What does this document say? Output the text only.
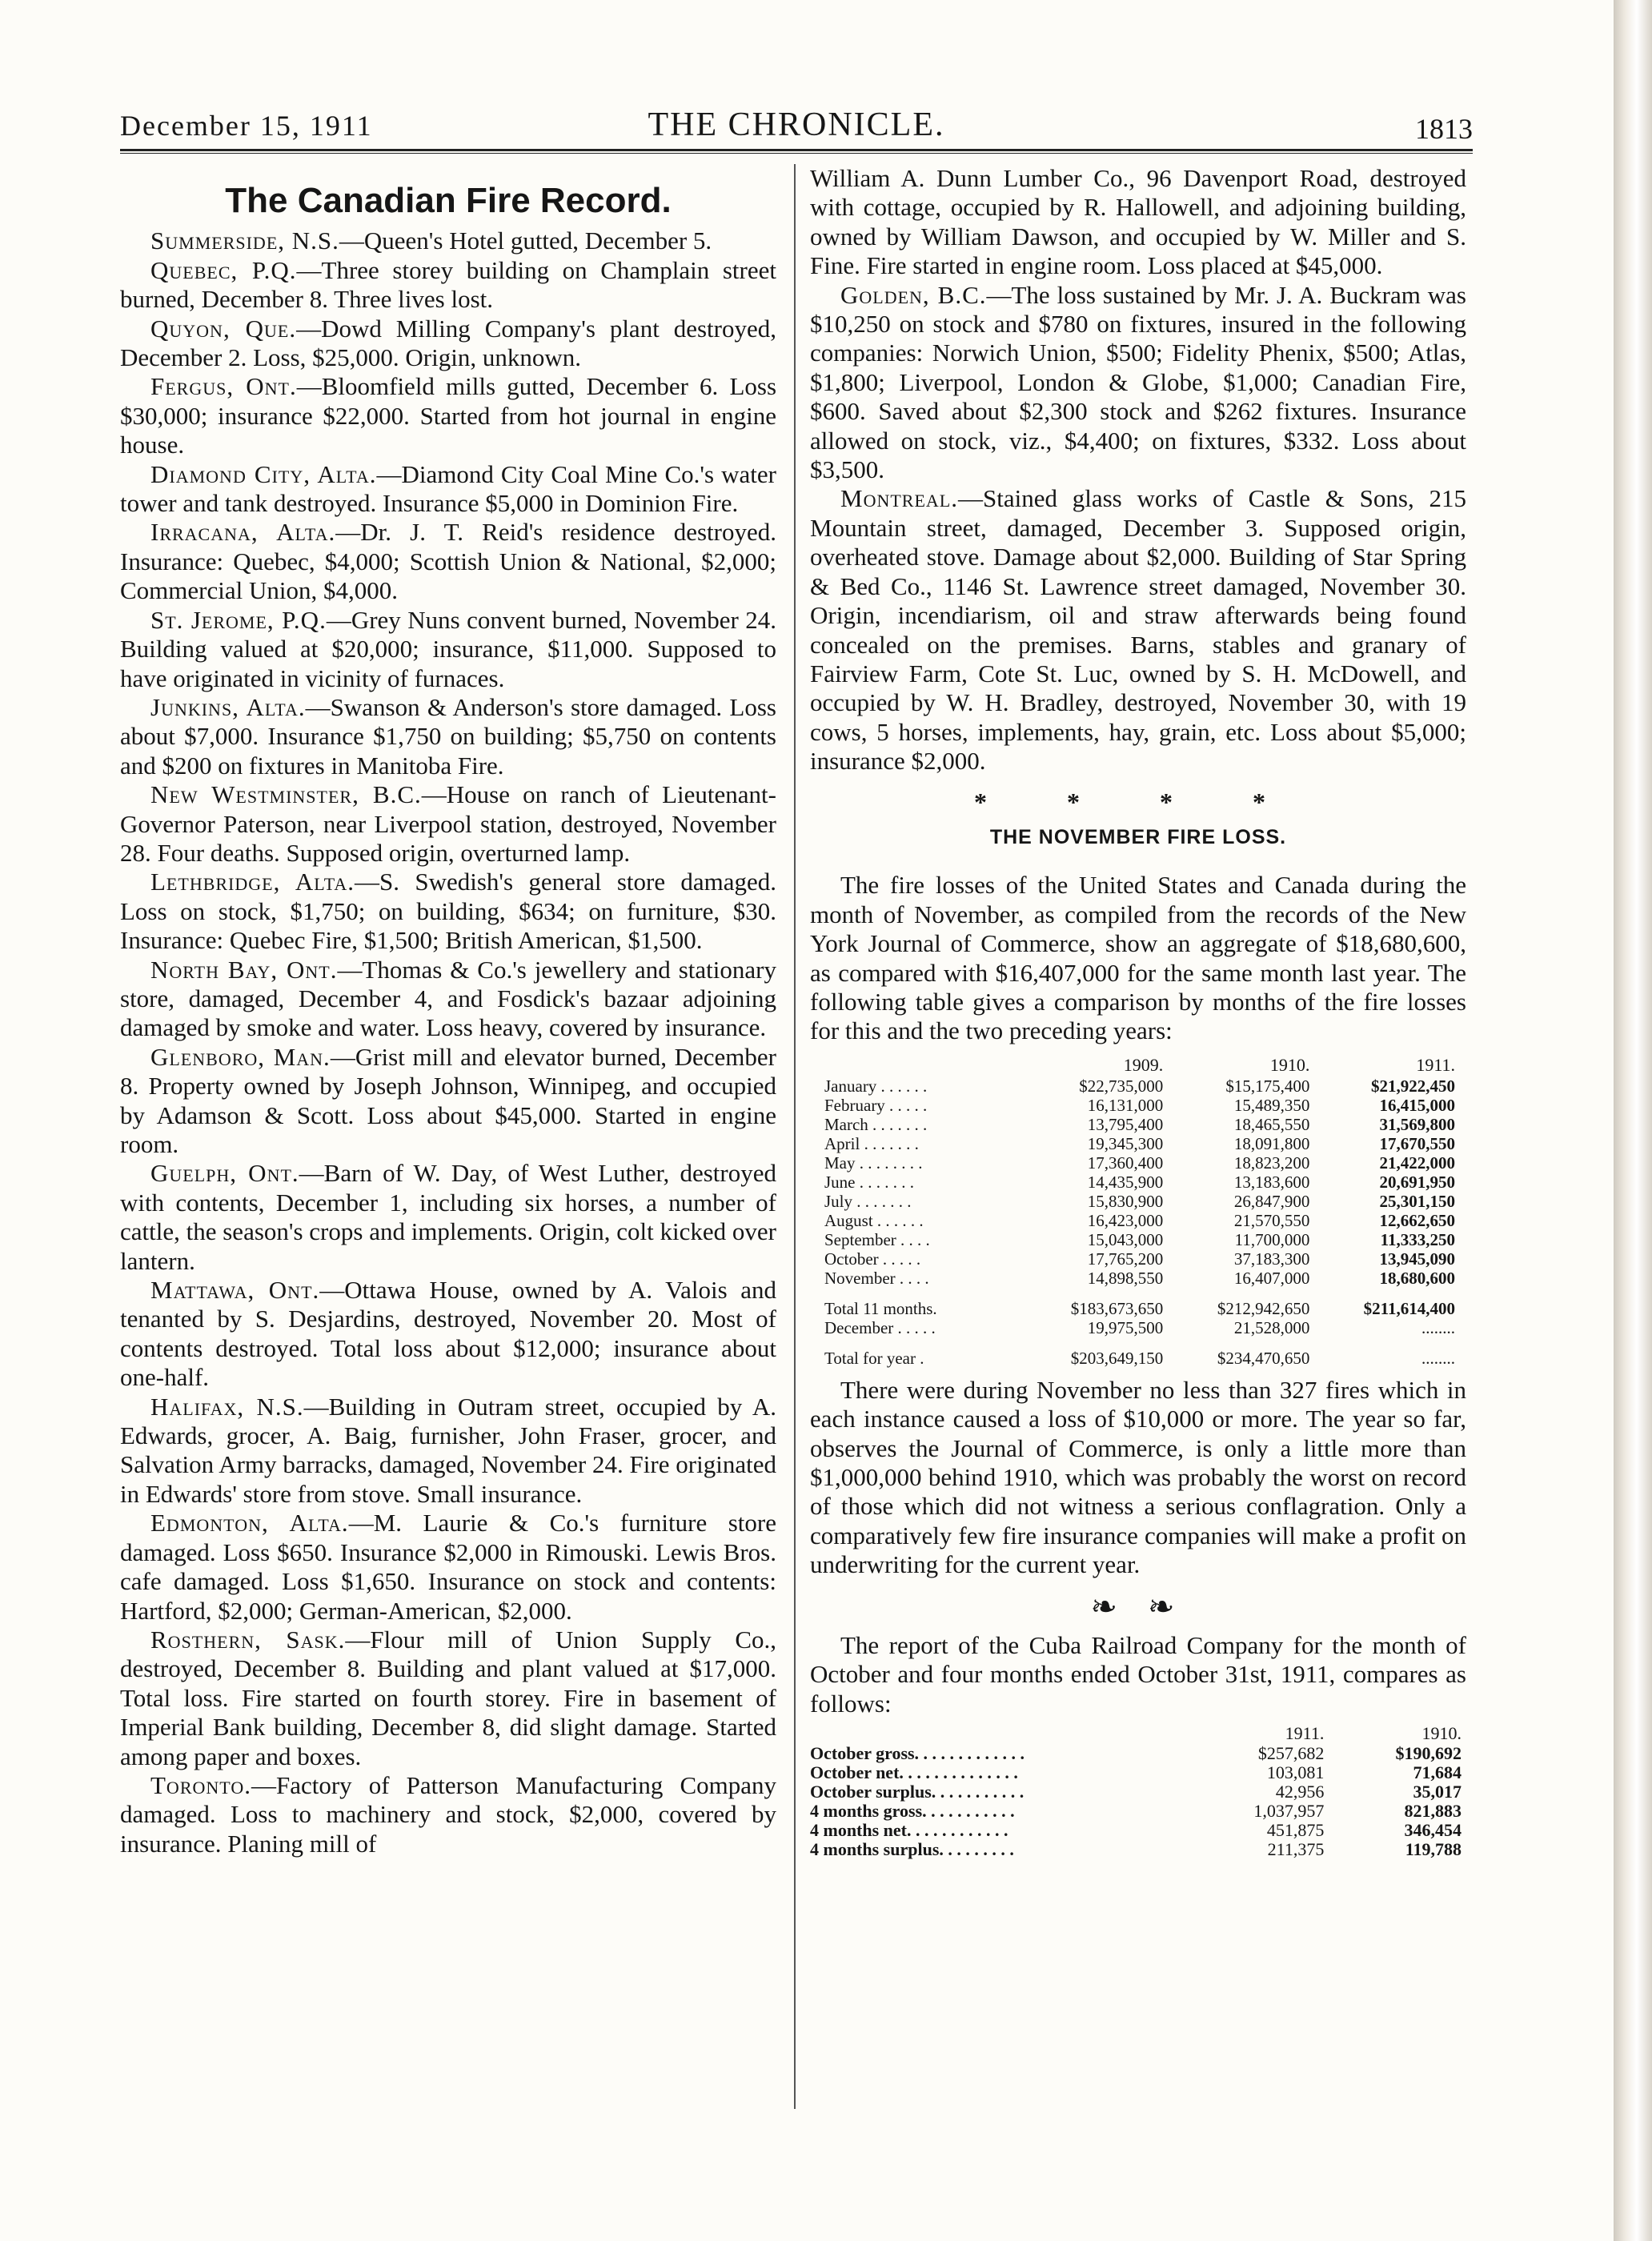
December 15, 1911	THE CHRONICLE.	1813
The Canadian Fire Record.

Summerside, N.S.—Queen's Hotel gutted, December 5.

Quebec, P.Q.—Three storey building on Champlain street burned, December 8. Three lives lost.

Quyon, Que.—Dowd Milling Company's plant destroyed, December 2. Loss, $25,000. Origin, unknown.

Fergus, Ont.—Bloomfield mills gutted, December 6. Loss $30,000; insurance $22,000. Started from hot journal in engine house.

Diamond City, Alta.—Diamond City Coal Mine Co.'s water tower and tank destroyed. Insurance $5,000 in Dominion Fire.

Irracana, Alta.—Dr. J. T. Reid's residence destroyed. Insurance: Quebec, $4,000; Scottish Union & National, $2,000; Commercial Union, $4,000.

St. Jerome, P.Q.—Grey Nuns convent burned, November 24. Building valued at $20,000; insurance, $11,000. Supposed to have originated in vicinity of furnaces.

Junkins, Alta.—Swanson & Anderson's store damaged. Loss about $7,000. Insurance $1,750 on building; $5,750 on contents and $200 on fixtures in Manitoba Fire.

New Westminster, B.C.—House on ranch of Lieutenant-Governor Paterson, near Liverpool station, destroyed, November 28. Four deaths. Supposed origin, overturned lamp.

Lethbridge, Alta.—S. Swedish's general store damaged. Loss on stock, $1,750; on building, $634; on furniture, $30. Insurance: Quebec Fire, $1,500; British American, $1,500.

North Bay, Ont.—Thomas & Co.'s jewellery and stationary store, damaged, December 4, and Fosdick's bazaar adjoining damaged by smoke and water. Loss heavy, covered by insurance.

Glenboro, Man.—Grist mill and elevator burned, December 8. Property owned by Joseph Johnson, Winnipeg, and occupied by Adamson & Scott. Loss about $45,000. Started in engine room.

Guelph, Ont.—Barn of W. Day, of West Luther, destroyed with contents, December 1, including six horses, a number of cattle, the season's crops and implements. Origin, colt kicked over lantern.

Mattawa, Ont.—Ottawa House, owned by A. Valois and tenanted by S. Desjardins, destroyed, November 20. Most of contents destroyed. Total loss about $12,000; insurance about one-half.

Halifax, N.S.—Building in Outram street, occupied by A. Edwards, grocer, A. Baig, furnisher, John Fraser, grocer, and Salvation Army barracks, damaged, November 24. Fire originated in Edwards' store from stove. Small insurance.

Edmonton, Alta.—M. Laurie & Co.'s furniture store damaged. Loss $650. Insurance $2,000 in Rimouski. Lewis Bros. cafe damaged. Loss $1,650. Insurance on stock and contents: Hartford, $2,000; German-American, $2,000.

Rosthern, Sask.—Flour mill of Union Supply Co., destroyed, December 8. Building and plant valued at $17,000. Total loss. Fire started on fourth storey. Fire in basement of Imperial Bank building, December 8, did slight damage. Started among paper and boxes.

Toronto.—Factory of Patterson Manufacturing Company damaged. Loss to machinery and stock, $2,000, covered by insurance. Planing mill of

William A. Dunn Lumber Co., 96 Davenport Road, destroyed with cottage, occupied by R. Hallowell, and adjoining building, owned by William Dawson, and occupied by W. Miller and S. Fine. Fire started in engine room. Loss placed at $45,000.

Golden, B.C.—The loss sustained by Mr. J. A. Buckram was $10,250 on stock and $780 on fixtures, insured in the following companies: Norwich Union, $500; Fidelity Phenix, $500; Atlas, $1,800; Liverpool, London & Globe, $1,000; Canadian Fire, $600. Saved about $2,300 stock and $262 fixtures. Insurance allowed on stock, viz., $4,400; on fixtures, $332. Loss about $3,500.

Montreal.—Stained glass works of Castle & Sons, 215 Mountain street, damaged, December 3. Supposed origin, overheated stove. Damage about $2,000. Building of Star Spring & Bed Co., 1146 St. Lawrence street damaged, November 30. Origin, incendiarism, oil and straw afterwards being found concealed on the premises. Barns, stables and granary of Fairview Farm, Cote St. Luc, owned by S. H. McDowell, and occupied by W. H. Bradley, destroyed, November 30, with 19 cows, 5 horses, implements, hay, grain, etc. Loss about $5,000; insurance $2,000.

* * * *
THE NOVEMBER FIRE LOSS.

The fire losses of the United States and Canada during the month of November, as compiled from the records of the New York Journal of Commerce, show an aggregate of $18,680,600, as compared with $16,407,000 for the same month last year. The following table gives a comparison by months of the fire losses for this and the two preceding years:

	1909.	1910.	1911.
January . . . . . .	$22,735,000	$15,175,400	$21,922,450
February . . . . .	16,131,000	15,489,350	16,415,000
March . . . . . . .	13,795,400	18,465,550	31,569,800
April . . . . . . .	19,345,300	18,091,800	17,670,550
May . . . . . . . .	17,360,400	18,823,200	21,422,000
June . . . . . . .	14,435,900	13,183,600	20,691,950
July . . . . . . .	15,830,900	26,847,900	25,301,150
August . . . . . .	16,423,000	21,570,550	12,662,650
September . . . .	15,043,000	11,700,000	11,333,250
October . . . . .	17,765,200	37,183,300	13,945,090
November . . . .	14,898,550	16,407,000	18,680,600
Total 11 months.	$183,673,650	$212,942,650	$211,614,400
December . . . . .	19,975,500	21,528,000	........
Total for year .	$203,649,150	$234,470,650	........

There were during November no less than 327 fires which in each instance caused a loss of $10,000 or more. The year so far, observes the Journal of Commerce, is only a little more than $1,000,000 behind 1910, which was probably the worst on record of those which did not witness a serious conflagration. Only a comparatively few fire insurance companies will make a profit on underwriting for the current year.

❧ ❧

The report of the Cuba Railroad Company for the month of October and four months ended October 31st, 1911, compares as follows:

	1911.	1910.
October gross. . . . . . . . . . . . .	$257,682	$190,692
October net. . . . . . . . . . . . . .	103,081	71,684
October surplus. . . . . . . . . . .	42,956	35,017
4 months gross. . . . . . . . . . .	1,037,957	821,883
4 months net. . . . . . . . . . . .	451,875	346,454
4 months surplus. . . . . . . . .	211,375	119,788
